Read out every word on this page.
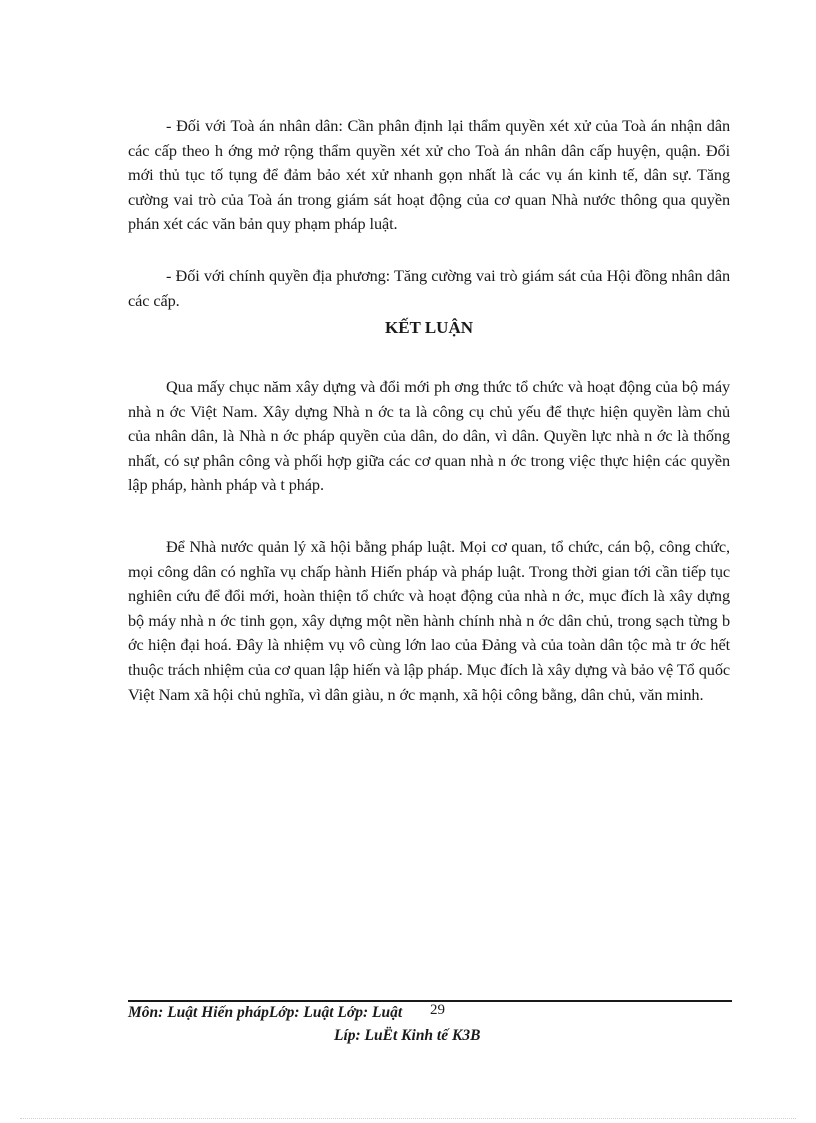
- Đối với Toà án nhân dân: Cần phân định lại thẩm quyền xét xử của Toà án nhận dân các cấp theo h ớng mở rộng thẩm quyền xét xử cho Toà án nhân dân cấp huyện, quận. Đổi mới thủ tục tố tụng để đảm bảo xét xử nhanh gọn nhất là các vụ án kinh tế, dân sự. Tăng cường vai trò của Toà án trong giám sát hoạt động của cơ quan Nhà nước thông qua quyền phán xét các văn bản quy phạm pháp luật.

- Đối với chính quyền địa phương: Tăng cường vai trò giám sát của Hội đồng nhân dân các cấp.

KẾT LUẬN

Qua mấy chục năm xây dựng và đổi mới ph ơng thức tổ chức và hoạt động của bộ máy nhà n ớc Việt Nam. Xây dựng Nhà n ớc ta là công cụ chủ yếu để thực hiện quyền làm chủ của nhân dân, là Nhà n ớc pháp quyền của dân, do dân, vì dân. Quyền lực nhà n ớc là thống nhất, có sự phân công và phối hợp giữa các cơ quan nhà n ớc trong việc thực hiện các quyền lập pháp, hành pháp và t pháp.

Để Nhà nước quản lý xã hội bằng pháp luật. Mọi cơ quan, tổ chức, cán bộ, công chức, mọi công dân có nghĩa vụ chấp hành Hiến pháp và pháp luật. Trong thời gian tới cần tiếp tục nghiên cứu để đổi mới, hoàn thiện tổ chức và hoạt động của nhà n ớc, mục đích là xây dựng bộ máy nhà n ớc tinh gọn, xây dựng một nền hành chính nhà n ớc dân chủ, trong sạch từng b ớc hiện đại hoá. Đây là nhiệm vụ vô cùng lớn lao của Đảng và của toàn dân tộc mà tr ớc hết thuộc trách nhiệm của cơ quan lập hiến và lập pháp. Mục đích là xây dựng và bảo vệ Tổ quốc Việt Nam xã hội chủ nghĩa, vì dân giàu, n ớc mạnh, xã hội công bằng, dân chủ, văn minh.

Môn: Luật Hiến phápLớp: Luật Lớp: Luật 29
Líp: LuËt Kinh tế K3B
